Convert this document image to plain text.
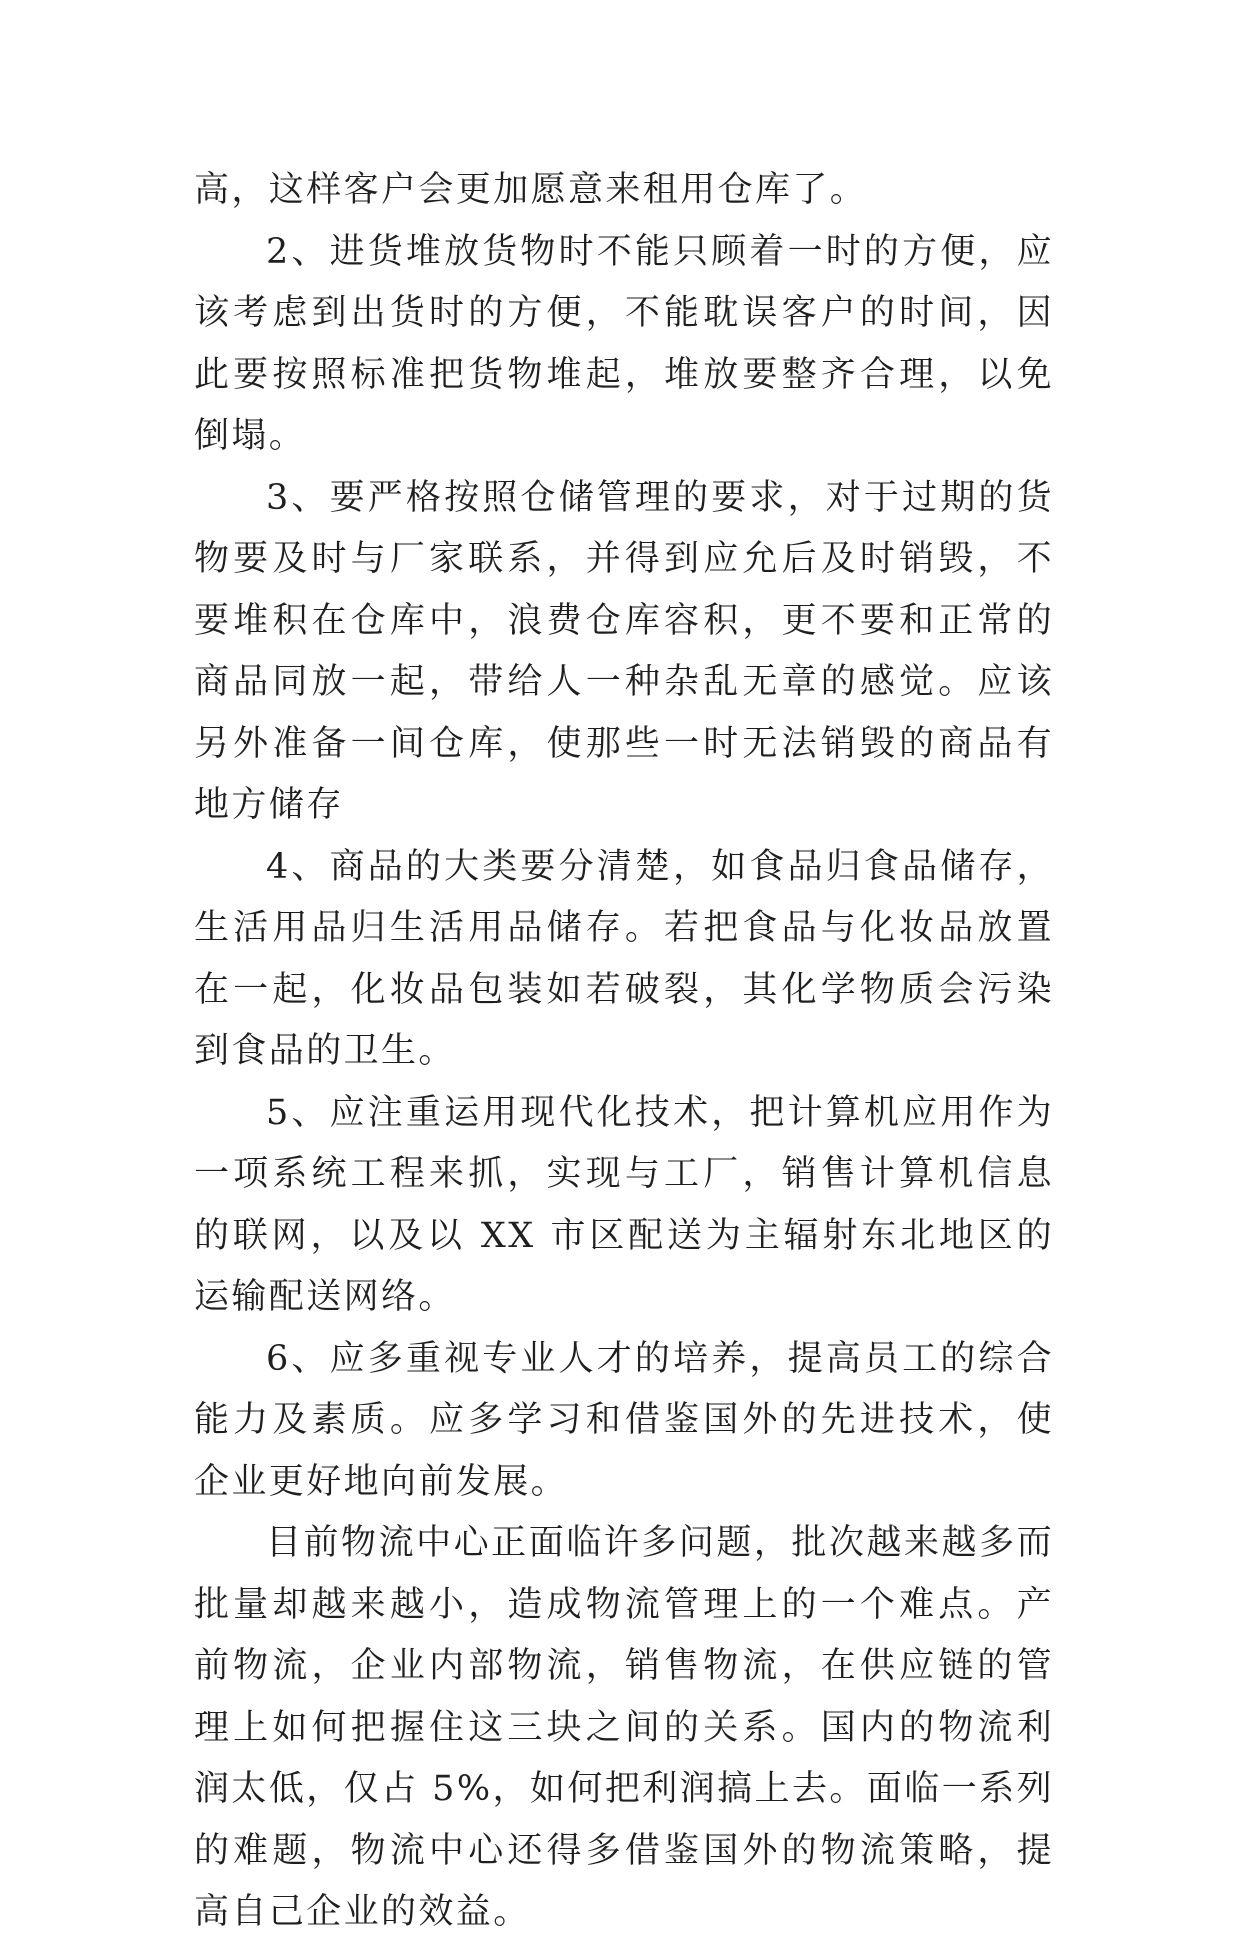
高，这样客户会更加愿意来租用仓库了。

2、进货堆放货物时不能只顾着一时的方便，应该考虑到出货时的方便，不能耽误客户的时间，因此要按照标准把货物堆起，堆放要整齐合理，以免倒塌。

3、要严格按照仓储管理的要求，对于过期的货物要及时与厂家联系，并得到应允后及时销毁，不要堆积在仓库中，浪费仓库容积，更不要和正常的商品同放一起，带给人一种杂乱无章的感觉。应该另外准备一间仓库，使那些一时无法销毁的商品有地方储存

4、商品的大类要分清楚，如食品归食品储存，生活用品归生活用品储存。若把食品与化妆品放置在一起，化妆品包装如若破裂，其化学物质会污染到食品的卫生。

5、应注重运用现代化技术，把计算机应用作为一项系统工程来抓，实现与工厂，销售计算机信息的联网，以及以 XX 市区配送为主辐射东北地区的运输配送网络。

6、应多重视专业人才的培养，提高员工的综合能力及素质。应多学习和借鉴国外的先进技术，使企业更好地向前发展。

目前物流中心正面临许多问题，批次越来越多而批量却越来越小，造成物流管理上的一个难点。产前物流，企业内部物流，销售物流，在供应链的管理上如何把握住这三块之间的关系。国内的物流利润太低，仅占 5%，如何把利润搞上去。面临一系列的难题，物流中心还得多借鉴国外的物流策略，提高自己企业的效益。
